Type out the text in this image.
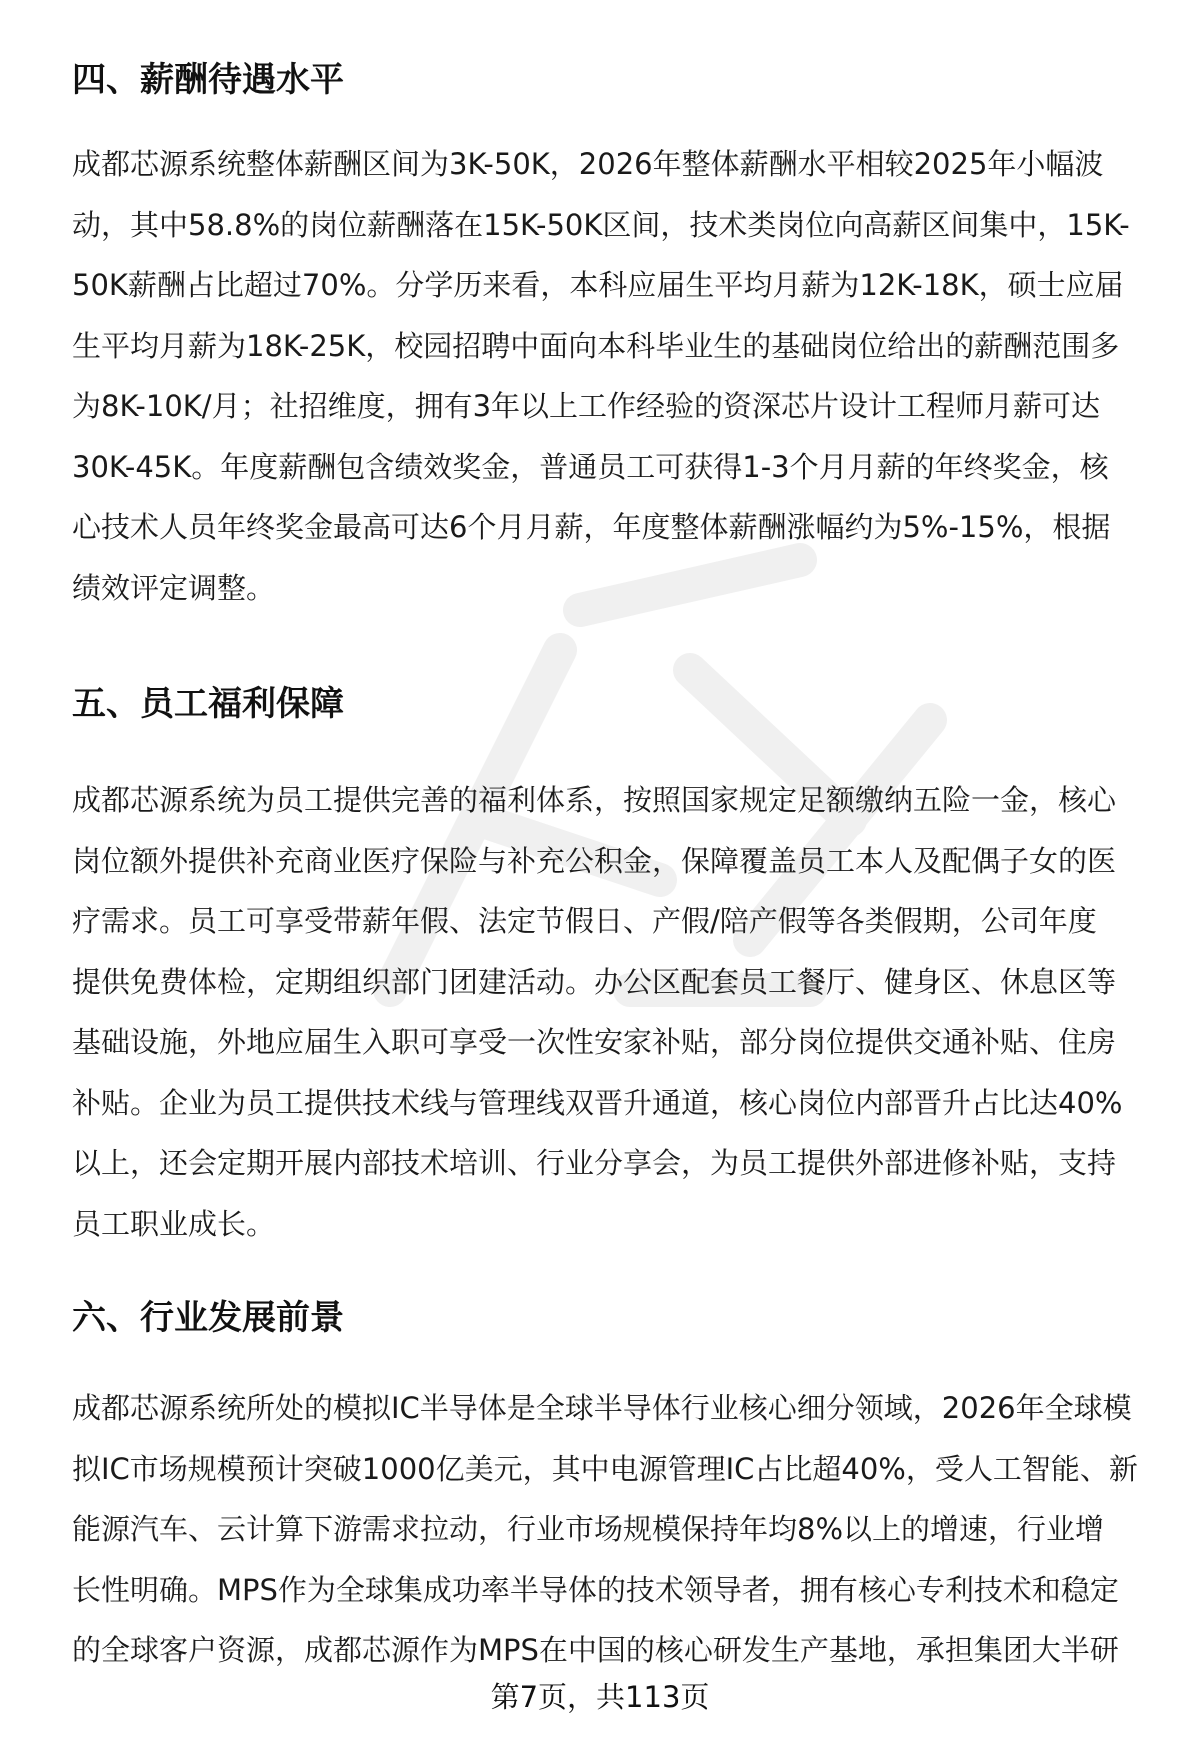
四、薪酬待遇水平
成都芯源系统整体薪酬区间为3K-50K，2026年整体薪酬水平相较2025年小幅波
动，其中58.8%的岗位薪酬落在15K-50K区间，技术类岗位向高薪区间集中，15K-
50K薪酬占比超过70%。分学历来看，本科应届生平均月薪为12K-18K，硕士应届
生平均月薪为18K-25K，校园招聘中面向本科毕业生的基础岗位给出的薪酬范围多
为8K-10K/月；社招维度，拥有3年以上工作经验的资深芯片设计工程师月薪可达
30K-45K。年度薪酬包含绩效奖金，普通员工可获得1-3个月月薪的年终奖金，核
心技术人员年终奖金最高可达6个月月薪，年度整体薪酬涨幅约为5%-15%，根据
绩效评定调整。
五、员工福利保障
成都芯源系统为员工提供完善的福利体系，按照国家规定足额缴纳五险一金，核心
岗位额外提供补充商业医疗保险与补充公积金，保障覆盖员工本人及配偶子女的医
疗需求。员工可享受带薪年假、法定节假日、产假/陪产假等各类假期，公司年度
提供免费体检，定期组织部门团建活动。办公区配套员工餐厅、健身区、休息区等
基础设施，外地应届生入职可享受一次性安家补贴，部分岗位提供交通补贴、住房
补贴。企业为员工提供技术线与管理线双晋升通道，核心岗位内部晋升占比达40%
以上，还会定期开展内部技术培训、行业分享会，为员工提供外部进修补贴，支持
员工职业成长。
六、行业发展前景
成都芯源系统所处的模拟IC半导体是全球半导体行业核心细分领域，2026年全球模
拟IC市场规模预计突破1000亿美元，其中电源管理IC占比超40%，受人工智能、新
能源汽车、云计算下游需求拉动，行业市场规模保持年均8%以上的增速，行业增
长性明确。MPS作为全球集成功率半导体的技术领导者，拥有核心专利技术和稳定
的全球客户资源，成都芯源作为MPS在中国的核心研发生产基地，承担集团大半研
第7页，共113页
